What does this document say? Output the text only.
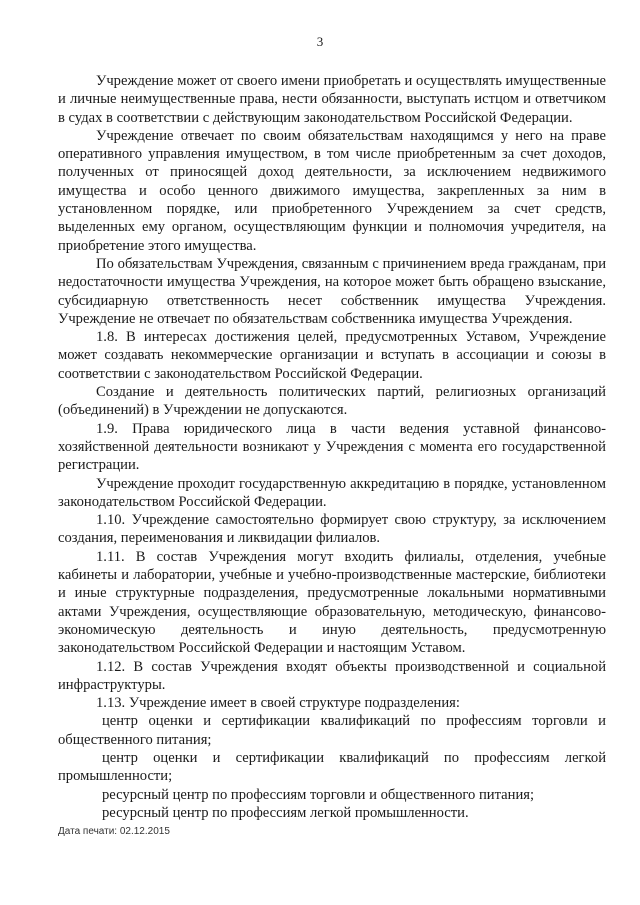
3

Учреждение может от своего имени приобретать и осуществлять имущественные и личные неимущественные права, нести обязанности, выступать истцом и ответчиком в судах в соответствии с действующим законодательством Российской Федерации.

Учреждение отвечает по своим обязательствам находящимся у него на праве оперативного управления имуществом, в том числе приобретенным за счет доходов, полученных от приносящей доход деятельности, за исключением недвижимого имущества и особо ценного движимого имущества, закрепленных за ним в установленном порядке, или приобретенного Учреждением за счет средств, выделенных ему органом, осуществляющим функции и полномочия учредителя, на приобретение этого имущества.

По обязательствам Учреждения, связанным с причинением вреда гражданам, при недостаточности имущества Учреждения, на которое может быть обращено взыскание, субсидиарную ответственность несет собственник имущества Учреждения. Учреждение не отвечает по обязательствам собственника имущества Учреждения.

1.8. В интересах достижения целей, предусмотренных Уставом, Учреждение может создавать некоммерческие организации и вступать в ассоциации и союзы в соответствии с законодательством Российской Федерации.

Создание и деятельность политических партий, религиозных организаций (объединений) в Учреждении не допускаются.

1.9. Права юридического лица в части ведения уставной финансово-хозяйственной деятельности возникают у Учреждения с момента его государственной регистрации.

Учреждение проходит государственную аккредитацию в порядке, установленном законодательством Российской Федерации.

1.10. Учреждение самостоятельно формирует свою структуру, за исключением создания, переименования и ликвидации филиалов.

1.11. В состав Учреждения могут входить филиалы, отделения, учебные кабинеты и лаборатории, учебные и учебно-производственные мастерские, библиотеки и иные структурные подразделения, предусмотренные локальными нормативными актами Учреждения, осуществляющие образовательную, методическую, финансово-экономическую деятельность и иную деятельность, предусмотренную законодательством Российской Федерации и настоящим Уставом.

1.12. В состав Учреждения входят объекты производственной и социальной инфраструктуры.

1.13. Учреждение имеет в своей структуре подразделения:

центр оценки и сертификации квалификаций по профессиям торговли и общественного питания;

центр оценки и сертификации квалификаций по профессиям легкой промышленности;

ресурсный центр по профессиям торговли и общественного питания;

ресурсный центр по профессиям легкой промышленности.

Дата печати: 02.12.2015
